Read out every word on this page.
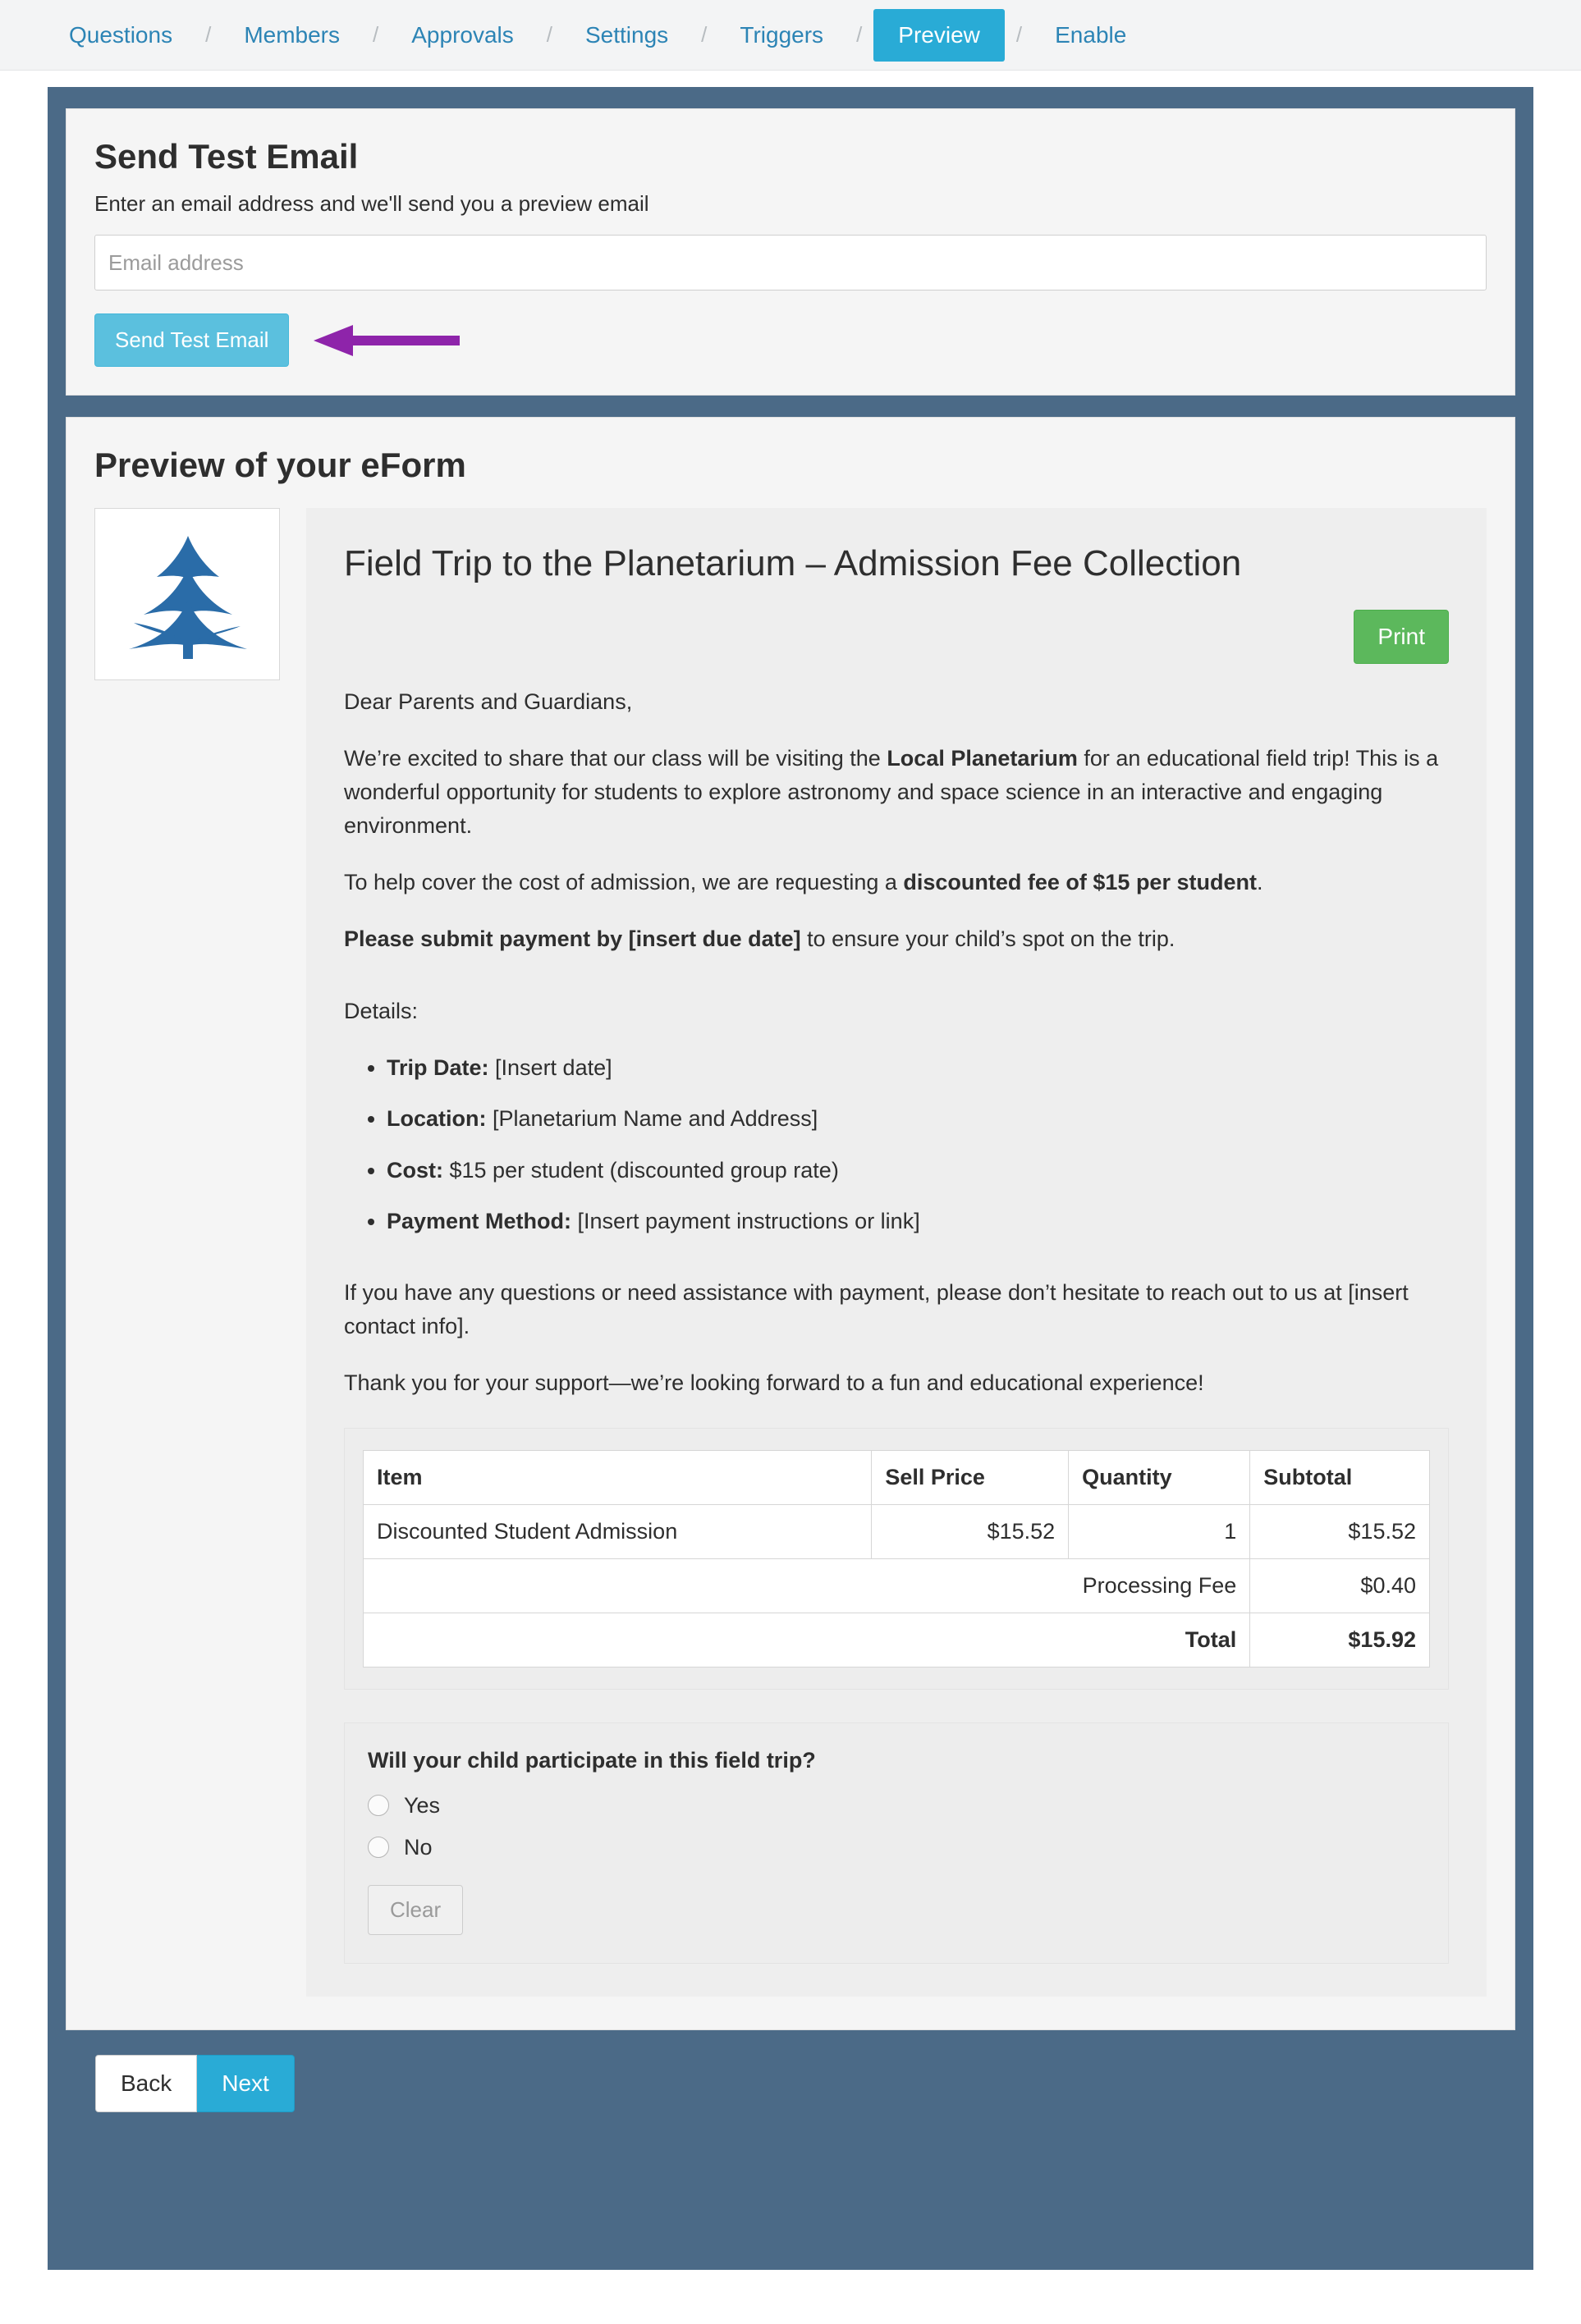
Questions	/	Members	/	Approvals	/	Settings	/	Triggers	/	Preview	/	Enable
Send Test Email

Enter an email address and we'll send you a preview email

Email address
Send Test Email
Preview of your eForm
Field Trip to the Planetarium – Admission Fee Collection
Print

Dear Parents and Guardians,

We’re excited to share that our class will be visiting the Local Planetarium for an educational field trip! This is a wonderful opportunity for students to explore astronomy and space science in an interactive and engaging environment.

To help cover the cost of admission, we are requesting a discounted fee of $15 per student.

Please submit payment by [insert due date] to ensure your child’s spot on the trip.

Details:

• Trip Date: [Insert date]
• Location: [Planetarium Name and Address]
• Cost: $15 per student (discounted group rate)
• Payment Method: [Insert payment instructions or link]

If you have any questions or need assistance with payment, please don’t hesitate to reach out to us at [insert contact info].

Thank you for your support—we’re looking forward to a fun and educational experience!

Item	Sell Price	Quantity	Subtotal
Discounted Student Admission	$15.52	1	$15.52
Processing Fee			$0.40
Total			$15.92
Will your child participate in this field trip?
Yes
No
Clear
Back	Next
